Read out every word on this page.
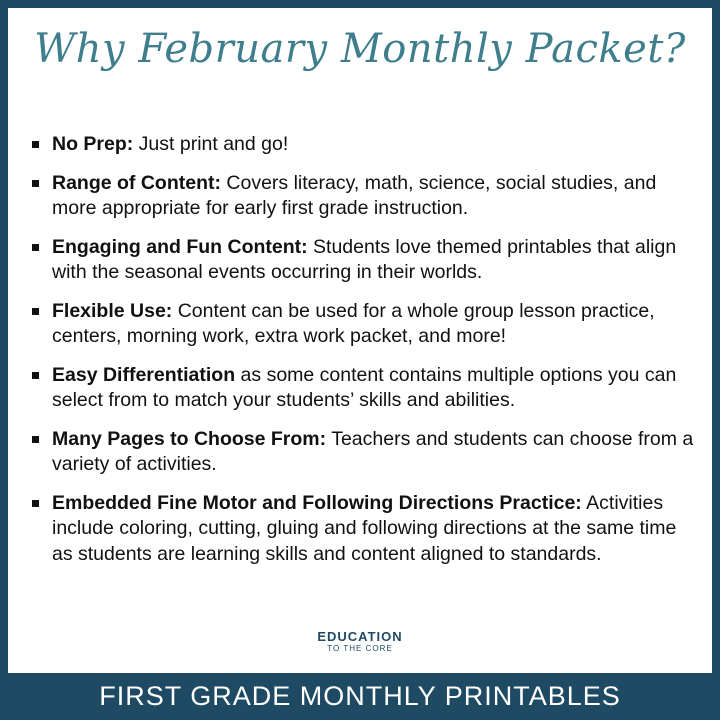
Why February Monthly Packet?
No Prep: Just print and go!
Range of Content: Covers literacy, math, science, social studies, and more appropriate for early first grade instruction.
Engaging and Fun Content: Students love themed printables that align with the seasonal events occurring in their worlds.
Flexible Use: Content can be used for a whole group lesson practice, centers, morning work, extra work packet, and more!
Easy Differentiation as some content contains multiple options you can select from to match your students’ skills and abilities.
Many Pages to Choose From: Teachers and students can choose from a variety of activities.
Embedded Fine Motor and Following Directions Practice: Activities include coloring, cutting, gluing and following directions at the same time as students are learning skills and content aligned to standards.
EDUCATION
TO THE CORE
FIRST GRADE MONTHLY PRINTABLES
